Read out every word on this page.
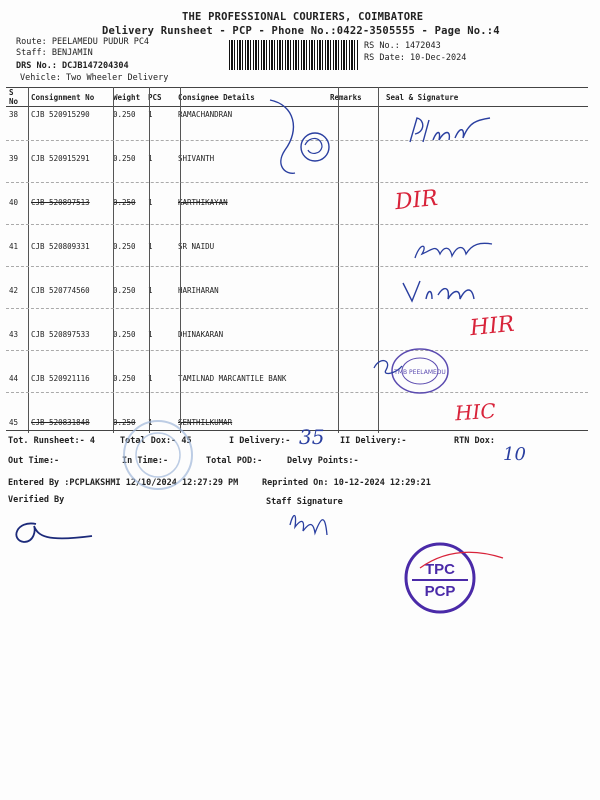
THE PROFESSIONAL COURIERS, COIMBATORE
Delivery Runsheet - PCP - Phone No.:0422-3505555 - Page No.:4
Route: PEELAMEDU PUDUR PC4
Staff: BENJAMIN
DRS No.: DCJB147204304
Vehicle: Two Wheeler Delivery
RS No.: 1472043
RS Date: 10-Dec-2024
S No	Consignment No	Weight	PCS	Consignee Details	Remarks	Seal & Signature
38	CJB 520915290	0.250	1	RAMACHANDRAN		
39	CJB 520915291	0.250	1	SHIVANTH		
40	CJB 520897513	0.250	1	KARTHIKAYAN		
41	CJB 520809331	0.250	1	SR NAIDU		
42	CJB 520774560	0.250	1	HARIHARAN		
43	CJB 520897533	0.250	1	DHINAKARAN		
44	CJB 520921116	0.250	1	TAMILNAD MARCANTILE BANK		
45	CJB 520831848	0.250	1	SENTHILKUMAR		
Tot. Runsheet:- 4	Total Dox:- 45	I Delivery:-	II Delivery:-	RTN Dox:
Out Time:-	In Time:-	Total POD:-	Delvy Points:-
Entered By :PCPLAKSHMI 12/10/2024 12:27:29 PM	Reprinted On: 10-12-2024 12:29:21
Verified By	Staff Signature
35
10
DIR
HIR
HIC
TMB PEELAMEDU
TPC
PCP
